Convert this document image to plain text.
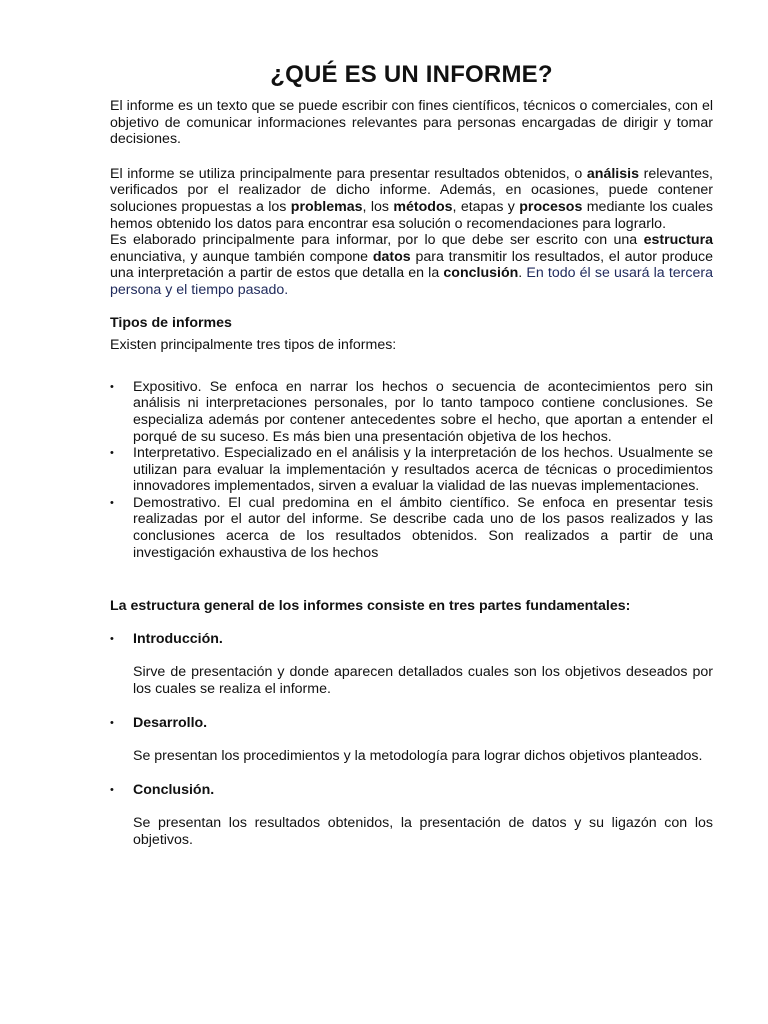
¿QUÉ ES UN INFORME?

El informe es un texto que se puede escribir con fines científicos, técnicos o comerciales, con el objetivo de comunicar informaciones relevantes para personas encargadas de dirigir y tomar decisiones.

El informe se utiliza principalmente para presentar resultados obtenidos, o análisis relevantes, verificados por el realizador de dicho informe. Además, en ocasiones, puede contener soluciones propuestas a los problemas, los métodos, etapas y procesos mediante los cuales hemos obtenido los datos para encontrar esa solución o recomendaciones para lograrlo.

Es elaborado principalmente para informar, por lo que debe ser escrito con una estructura enunciativa, y aunque también compone datos para transmitir los resultados, el autor produce una interpretación a partir de estos que detalla en la conclusión. En todo él se usará la tercera persona y el tiempo pasado.

Tipos de informes

Existen principalmente tres tipos de informes:

• Expositivo. Se enfoca en narrar los hechos o secuencia de acontecimientos pero sin análisis ni interpretaciones personales, por lo tanto tampoco contiene conclusiones. Se especializa además por contener antecedentes sobre el hecho, que aportan a entender el porqué de su suceso. Es más bien una presentación objetiva de los hechos.
• Interpretativo. Especializado en el análisis y la interpretación de los hechos. Usualmente se utilizan para evaluar la implementación y resultados acerca de técnicas o procedimientos innovadores implementados, sirven a evaluar la vialidad de las nuevas implementaciones.
• Demostrativo. El cual predomina en el ámbito científico. Se enfoca en presentar tesis realizadas por el autor del informe. Se describe cada uno de los pasos realizados y las conclusiones acerca de los resultados obtenidos. Son realizados a partir de una investigación exhaustiva de los hechos
La estructura general de los informes consiste en tres partes fundamentales:
• Introducción.

Sirve de presentación y donde aparecen detallados cuales son los objetivos deseados por los cuales se realiza el informe.

• Desarrollo.

Se presentan los procedimientos y la metodología para lograr dichos objetivos planteados.

• Conclusión.

Se presentan los resultados obtenidos, la presentación de datos y su ligazón con los objetivos.
